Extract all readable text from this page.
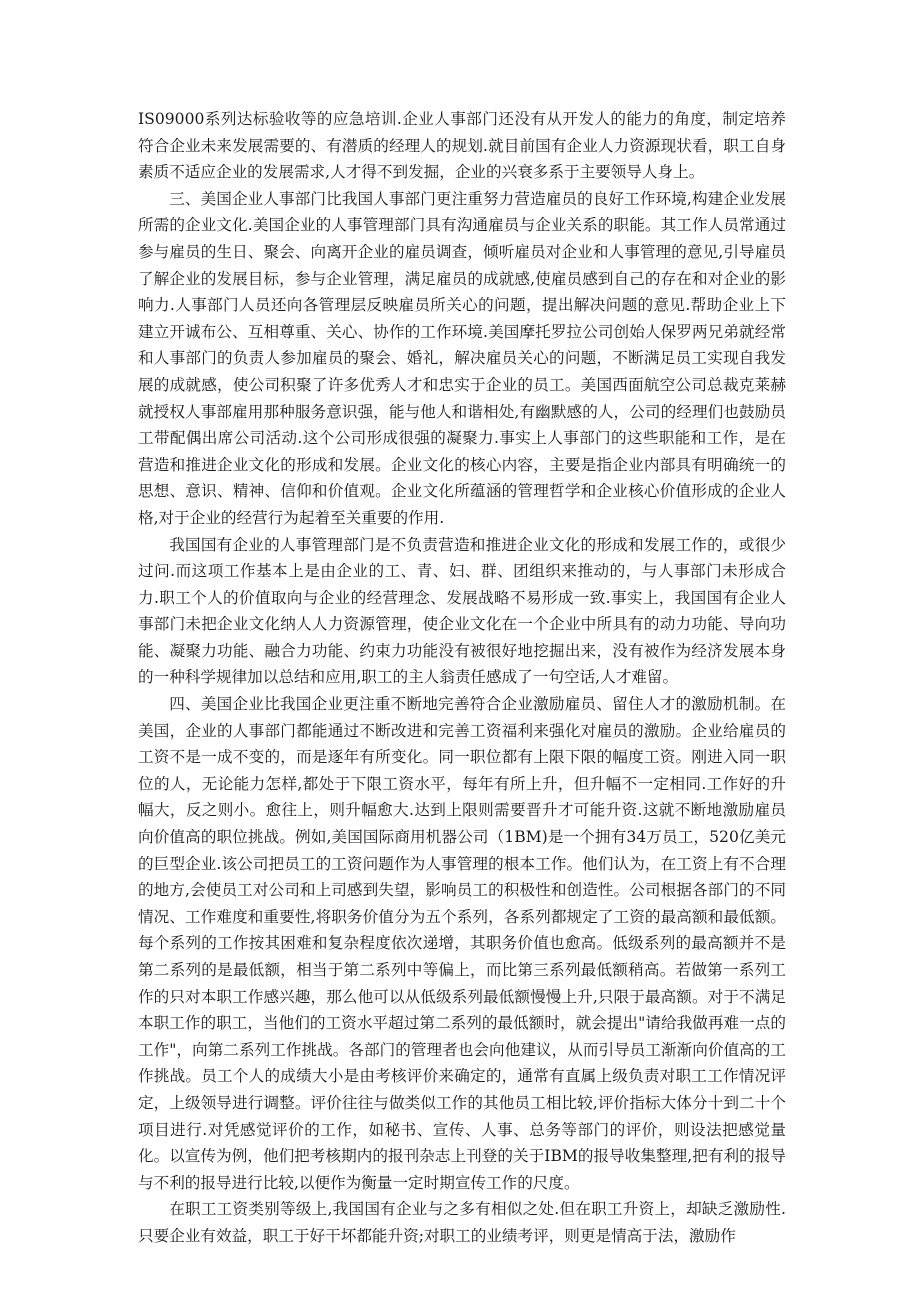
IS09000系列达标验收等的应急培训.企业人事部门还没有从开发人的能力的角度，制定培养符合企业未来发展需要的、有潜质的经理人的规划.就目前国有企业人力资源现状看，职工自身素质不适应企业的发展需求,人才得不到发掘，企业的兴衰多系于主要领导人身上。

三、美国企业人事部门比我国人事部门更注重努力营造雇员的良好工作环境,构建企业发展所需的企业文化.美国企业的人事管理部门具有沟通雇员与企业关系的职能。其工作人员常通过参与雇员的生日、聚会、向离开企业的雇员调查，倾听雇员对企业和人事管理的意见,引导雇员了解企业的发展目标，参与企业管理，满足雇员的成就感,使雇员感到自己的存在和对企业的影响力.人事部门人员还向各管理层反映雇员所关心的问题，提出解决问题的意见.帮助企业上下建立开诚布公、互相尊重、关心、协作的工作环境.美国摩托罗拉公司创始人保罗两兄弟就经常和人事部门的负责人参加雇员的聚会、婚礼，解决雇员关心的问题，不断满足员工实现自我发展的成就感，使公司积聚了许多优秀人才和忠实于企业的员工。美国西面航空公司总裁克莱赫就授权人事部雇用那种服务意识强，能与他人和谐相处,有幽默感的人，公司的经理们也鼓励员工带配偶出席公司活动.这个公司形成很强的凝聚力.事实上人事部门的这些职能和工作，是在营造和推进企业文化的形成和发展。企业文化的核心内容，主要是指企业内部具有明确统一的思想、意识、精神、信仰和价值观。企业文化所蕴涵的管理哲学和企业核心价值形成的企业人格,对于企业的经营行为起着至关重要的作用.

我国国有企业的人事管理部门是不负责营造和推进企业文化的形成和发展工作的，或很少过问.而这项工作基本上是由企业的工、青、妇、群、团组织来推动的，与人事部门未形成合力.职工个人的价值取向与企业的经营理念、发展战略不易形成一致.事实上，我国国有企业人事部门未把企业文化纳人人力资源管理，使企业文化在一个企业中所具有的动力功能、导向功能、凝聚力功能、融合力功能、约束力功能没有被很好地挖掘出来，没有被作为经济发展本身的一种科学规律加以总结和应用,职工的主人翁责任感成了一句空话,人才难留。

四、美国企业比我国企业更注重不断地完善符合企业激励雇员、留住人才的激励机制。在美国，企业的人事部门都能通过不断改进和完善工资福利来强化对雇员的激励。企业给雇员的工资不是一成不变的，而是逐年有所变化。同一职位都有上限下限的幅度工资。刚进入同一职位的人，无论能力怎样,都处于下限工资水平，每年有所上升，但升幅不一定相同.工作好的升幅大，反之则小。愈往上，则升幅愈大.达到上限则需要晋升才可能升资.这就不断地激励雇员向价值高的职位挑战。例如,美国国际商用机器公司（1BM)是一个拥有34万员工，520亿美元的巨型企业.该公司把员工的工资问题作为人事管理的根本工作。他们认为，在工资上有不合理的地方,会使员工对公司和上司感到失望，影响员工的积极性和创造性。公司根据各部门的不同情况、工作难度和重要性,将职务价值分为五个系列，各系列都规定了工资的最高额和最低额。每个系列的工作按其困难和复杂程度依次递增，其职务价值也愈高。低级系列的最高额并不是第二系列的是最低额，相当于第二系列中等偏上，而比第三系列最低额稍高。若做第一系列工作的只对本职工作感兴趣，那么他可以从低级系列最低额慢慢上升,只限于最高额。对于不满足本职工作的职工，当他们的工资水平超过第二系列的最低额时，就会提出"请给我做再难一点的工作"，向第二系列工作挑战。各部门的管理者也会向他建议，从而引导员工渐渐向价值高的工作挑战。员工个人的成绩大小是由考核评价来确定的，通常有直属上级负责对职工工作情况评定，上级领导进行调整。评价往往与做类似工作的其他员工相比较,评价指标大体分十到二十个项目进行.对凭感觉评价的工作，如秘书、宣传、人事、总务等部门的评价，则设法把感觉量化。以宣传为例，他们把考核期内的报刊杂志上刊登的关于IBM的报导收集整理,把有利的报导与不利的报导进行比较,以便作为衡量一定时期宣传工作的尺度。

在职工工资类别等级上,我国国有企业与之多有相似之处.但在职工升资上，却缺乏激励性.只要企业有效益，职工于好干坏都能升资;对职工的业绩考评，则更是情高于法，激励作
